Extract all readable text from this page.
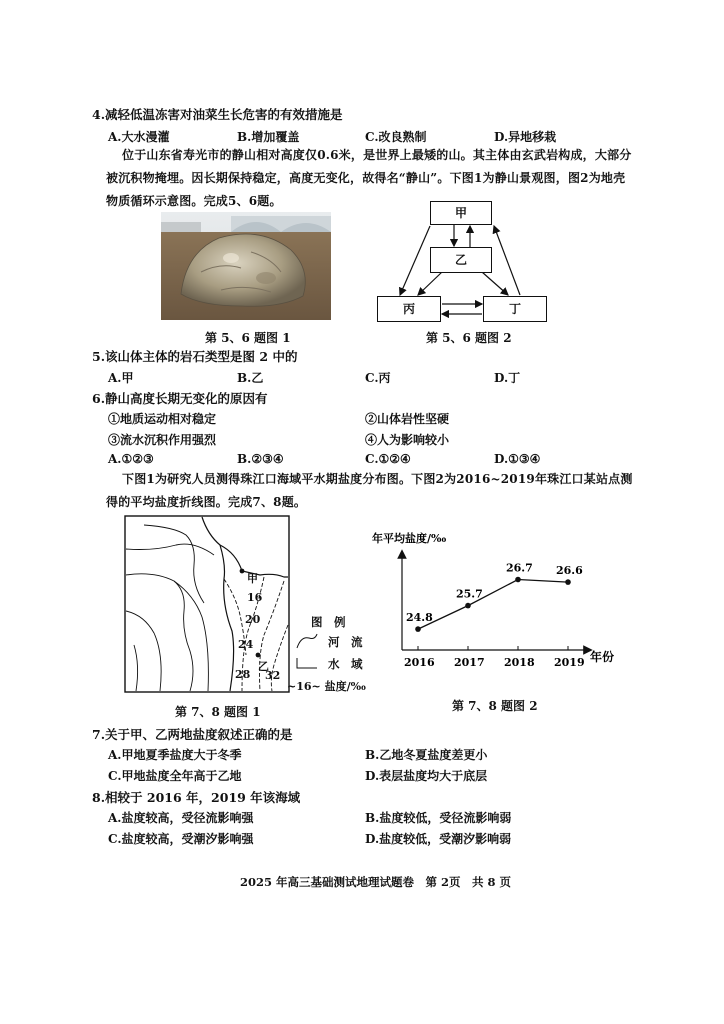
4.减轻低温冻害对油菜生长危害的有效措施是
A.大水漫灌	B.增加覆盖	C.改良熟制	D.异地移栽
位于山东省寿光市的静山相对高度仅0.6米，是世界上最矮的山。其主体由玄武岩构成，大部分被沉积物掩埋。因长期保持稳定，高度无变化，故得名“静山”。下图1为静山景观图，图2为地壳物质循环示意图。完成5、6题。
第 5、6 题图 1
甲
乙
丙	丁
第 5、6 题图 2
5.该山体主体的岩石类型是图 2 中的
A.甲	B.乙	C.丙	D.丁
6.静山高度长期无变化的原因有
①地质运动相对稳定	②山体岩性坚硬
③流水沉积作用强烈	④人为影响较小
A.①②③	B.②③④	C.①②④	D.①③④
下图1为研究人员测得珠江口海域平水期盐度分布图。下图2为2016~2019年珠江口某站点测得的平均盐度折线图。完成7、8题。
甲
16
20
24
乙
28 32
图　例
河　流
水　域
~16~ 盐度/‰
第 7、8 题图 1
年平均盐度/‰
年份
24.8
2016
25.7
2017
26.7
2018
26.6
2019
第 7、8 题图 2
7.关于甲、乙两地盐度叙述正确的是
A.甲地夏季盐度大于冬季	B.乙地冬夏盐度差更小
C.甲地盐度全年高于乙地	D.表层盐度均大于底层
8.相较于 2016 年，2019 年该海域
A.盐度较高，受径流影响强	B.盐度较低，受径流影响弱
C.盐度较高，受潮汐影响强	D.盐度较低，受潮汐影响弱
2025 年高三基础测试地理试题卷　第 2页　共 8 页
